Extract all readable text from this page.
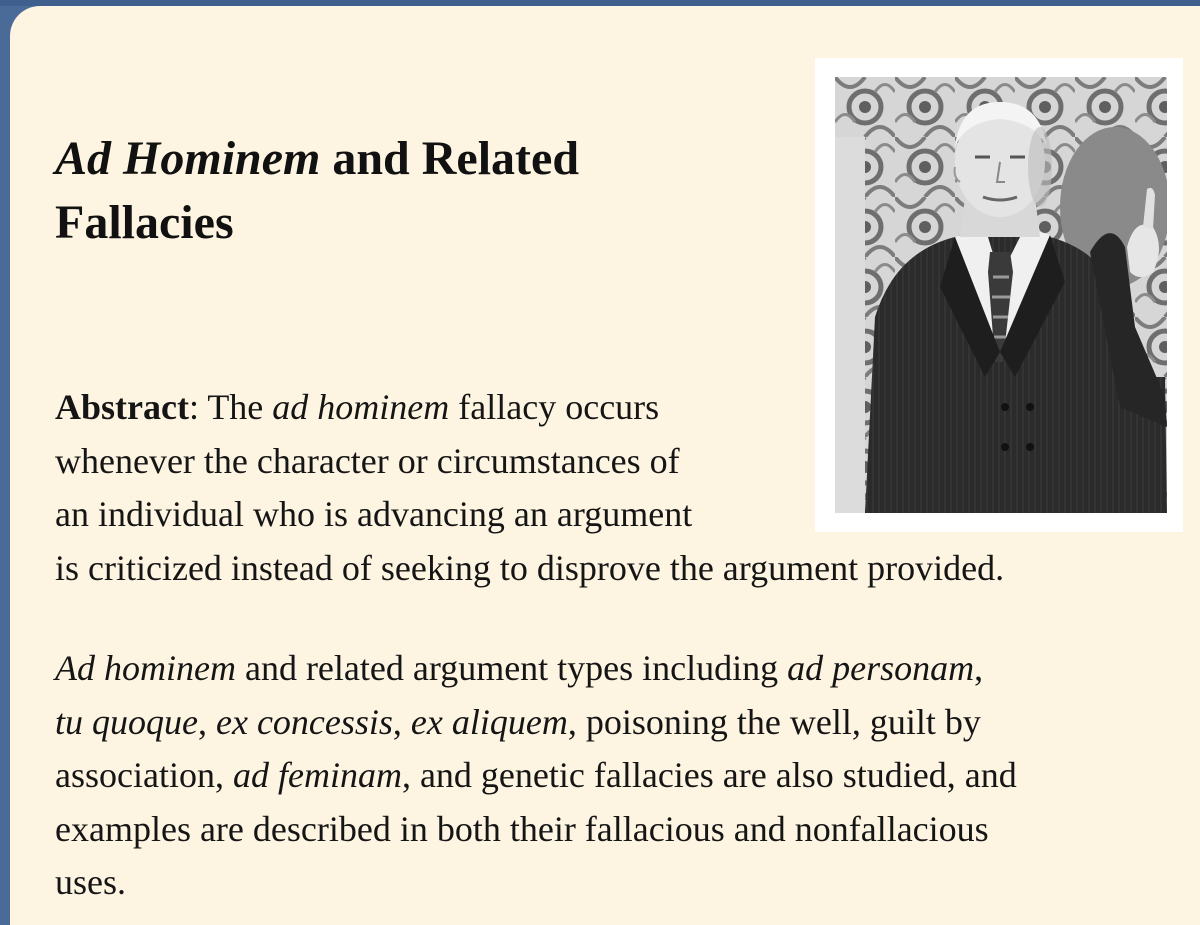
Ad Hominem and Related
Fallacies

Abstract: The ad hominem fallacy occurs
whenever the character or circumstances of
an individual who is advancing an argument
is criticized instead of seeking to disprove the argument provided.

Ad hominem and related argument types including ad personam,
tu quoque, ex concessis, ex aliquem, poisoning the well, guilt by
association, ad feminam, and genetic fallacies are also studied, and
examples are described in both their fallacious and nonfallacious
uses.
